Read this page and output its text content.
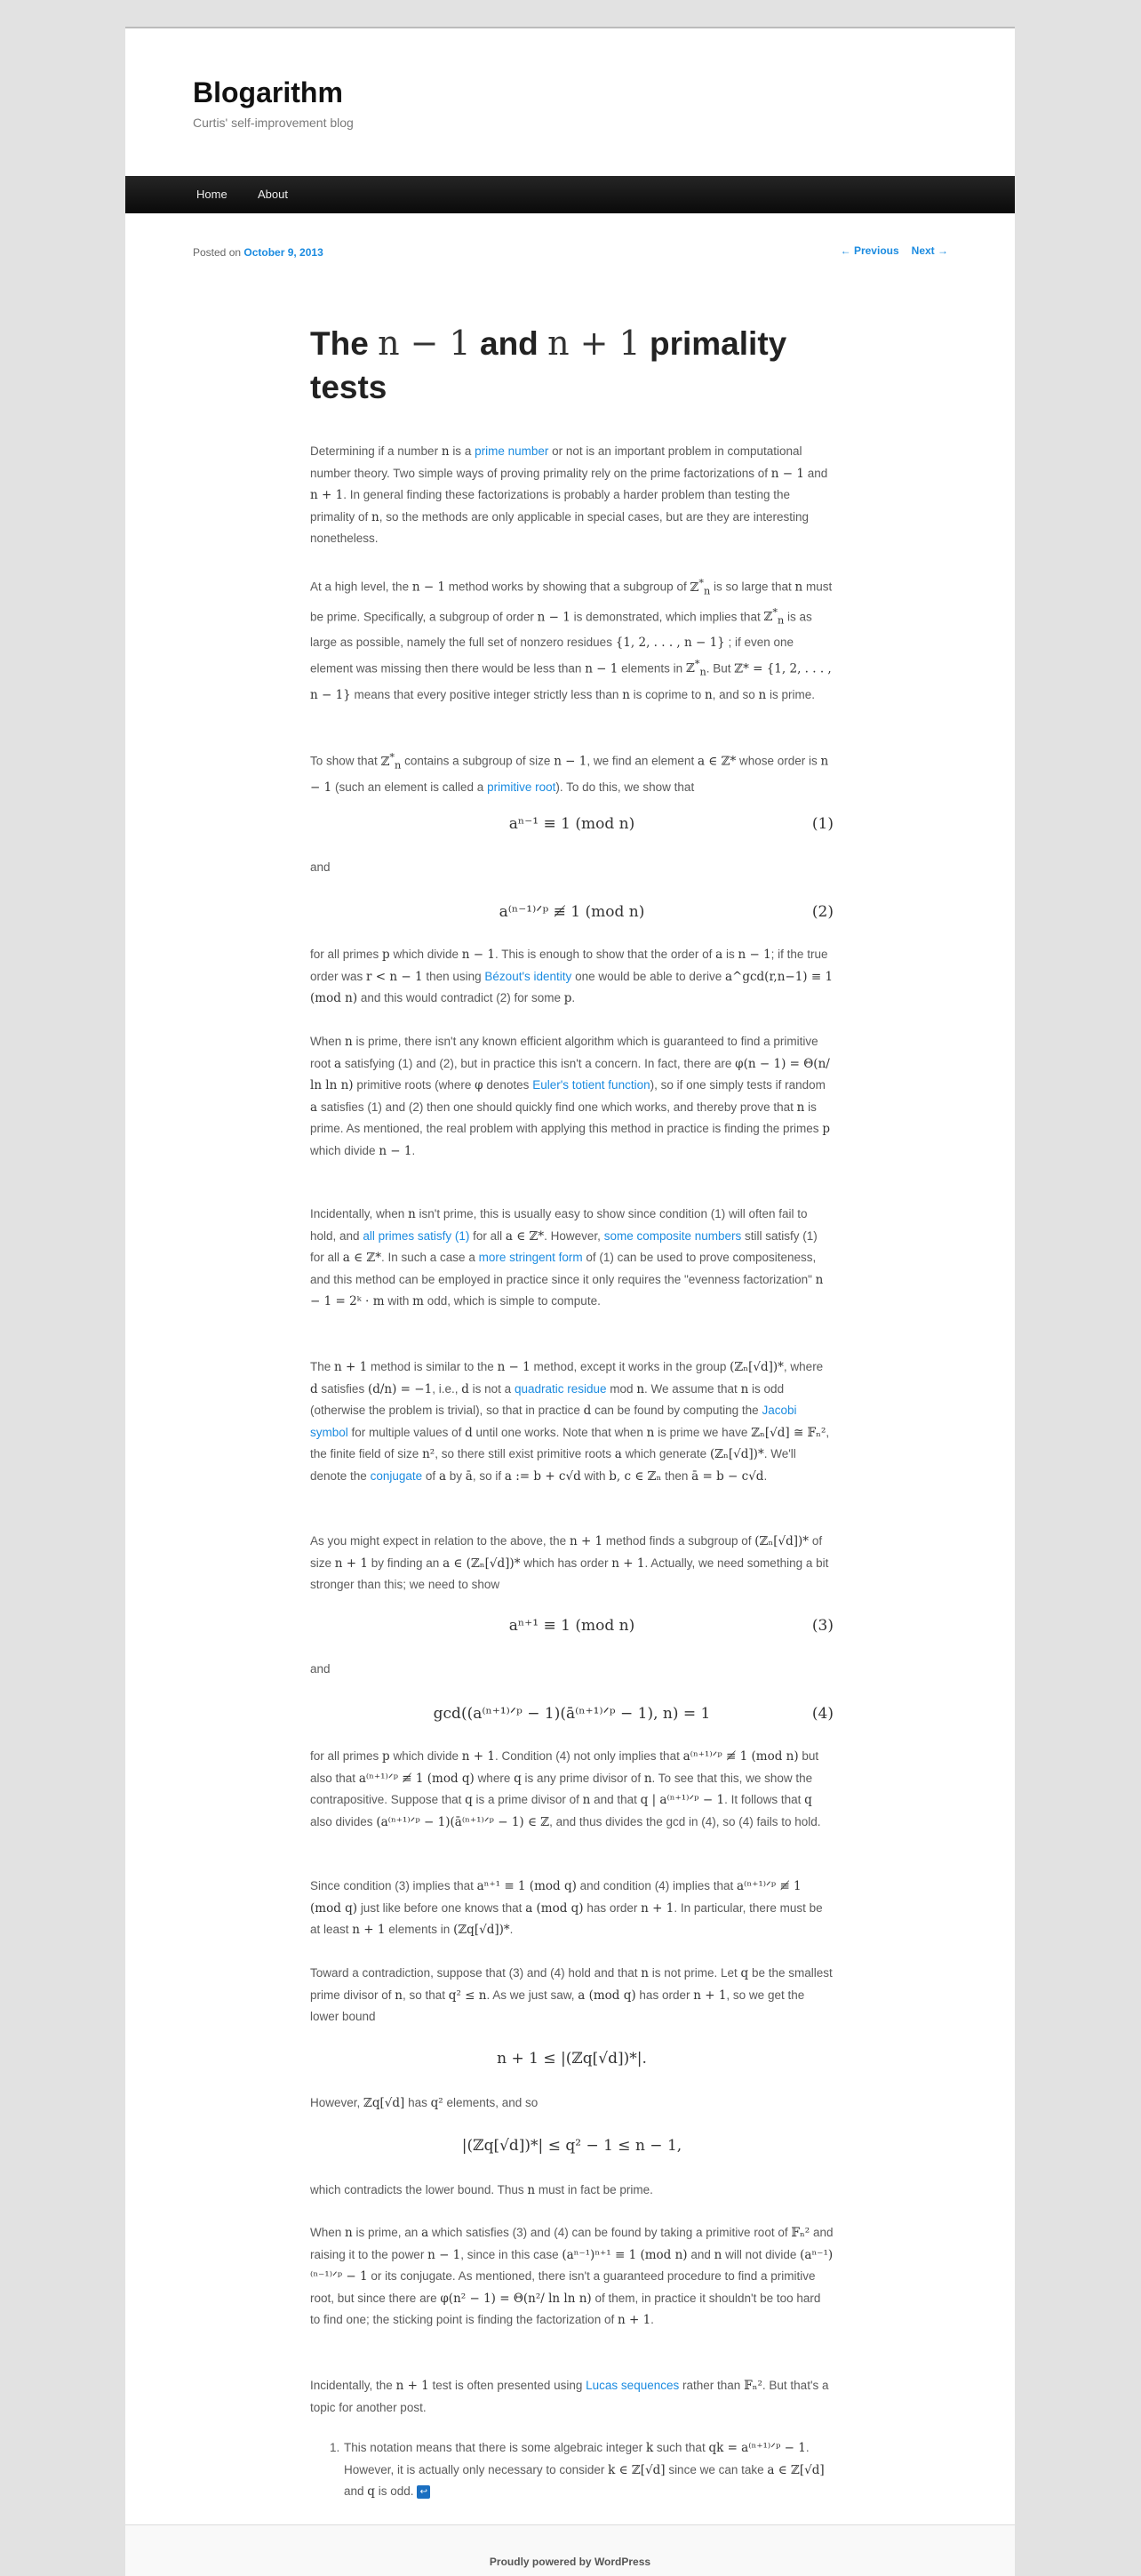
Blogarithm
Curtis' self-improvement blog
Home	About
Posted on October 9, 2013	← Previous Next →
The n − 1 and n + 1 primality tests
Determining if a number n is a prime number or not is an important problem in computational number theory. Two simple ways of proving primality rely on the prime factorizations of n − 1 and n + 1. In general finding these factorizations is probably a harder problem than testing the primality of n, so the methods are only applicable in special cases, but are they are interesting nonetheless.
At a high level, the n − 1 method works by showing that a subgroup of ℤ*$_n$ is so large that n must be prime. Specifically, a subgroup of order n − 1 is demonstrated, which implies that ℤ*$_n$ is as large as possible, namely the full set of nonzero residues {1, 2, . . . , n − 1} ; if even one element was missing then there would be less than n − 1 elements in ℤ*$_n$. But ℤ* = {1, 2, . . . , n − 1} means that every positive integer strictly less than n is coprime to n, and so n is prime.
To show that ℤ*$_n$ contains a subgroup of size n − 1, we find an element a ∈ ℤ* whose order is n − 1 (such an element is called a primitive root). To do this, we show that
aⁿ⁻¹ ≡ 1 (mod n)	(1)
and
a⁽ⁿ⁻¹⁾ᐟᵖ ≢ 1 (mod n)	(2)
for all primes p which divide n − 1. This is enough to show that the order of a is n − 1; if the true order was r < n − 1 then using Bézout's identity one would be able to derive a^gcd(r,n−1) ≡ 1 (mod n) and this would contradict (2) for some p.
When n is prime, there isn't any known efficient algorithm which is guaranteed to find a primitive root a satisfying (1) and (2), but in practice this isn't a concern. In fact, there are φ(n − 1) = Θ(n/ ln ln n) primitive roots (where φ denotes Euler's totient function), so if one simply tests if random a satisfies (1) and (2) then one should quickly find one which works, and thereby prove that n is prime. As mentioned, the real problem with applying this method in practice is finding the primes p which divide n − 1.
Incidentally, when n isn't prime, this is usually easy to show since condition (1) will often fail to hold, and all primes satisfy (1) for all a ∈ ℤ*. However, some composite numbers still satisfy (1) for all a ∈ ℤ*. In such a case a more stringent form of (1) can be used to prove compositeness, and this method can be employed in practice since it only requires the "evenness factorization" n − 1 = 2ᵏ ⋅ m with m odd, which is simple to compute.
The n + 1 method is similar to the n − 1 method, except it works in the group (ℤₙ[√d])*, where d satisfies (d/n) = −1, i.e., d is not a quadratic residue mod n. We assume that n is odd (otherwise the problem is trivial), so that in practice d can be found by computing the Jacobi symbol for multiple values of d until one works. Note that when n is prime we have ℤₙ[√d] ≅ 𝔽ₙ², the finite field of size n², so there still exist primitive roots a which generate (ℤₙ[√d])*. We'll denote the conjugate of a by ā, so if a := b + c√d with b, c ∈ ℤₙ then ā = b − c√d.
As you might expect in relation to the above, the n + 1 method finds a subgroup of (ℤₙ[√d])* of size n + 1 by finding an a ∈ (ℤₙ[√d])* which has order n + 1. Actually, we need something a bit stronger than this; we need to show
aⁿ⁺¹ ≡ 1 (mod n)	(3)
and
gcd((a⁽ⁿ⁺¹⁾ᐟᵖ − 1)(ā⁽ⁿ⁺¹⁾ᐟᵖ − 1), n) = 1	(4)
for all primes p which divide n + 1. Condition (4) not only implies that a⁽ⁿ⁺¹⁾ᐟᵖ ≢ 1 (mod n) but also that a⁽ⁿ⁺¹⁾ᐟᵖ ≢ 1 (mod q) where q is any prime divisor of n. To see that this, we show the contrapositive. Suppose that q is a prime divisor of n and that q | a⁽ⁿ⁺¹⁾ᐟᵖ − 1. It follows that q also divides (a⁽ⁿ⁺¹⁾ᐟᵖ − 1)(ā⁽ⁿ⁺¹⁾ᐟᵖ − 1) ∈ ℤ, and thus divides the gcd in (4), so (4) fails to hold.
Since condition (3) implies that aⁿ⁺¹ ≡ 1 (mod q) and condition (4) implies that a⁽ⁿ⁺¹⁾ᐟᵖ ≢ 1 (mod q) just like before one knows that a (mod q) has order n + 1. In particular, there must be at least n + 1 elements in (ℤq[√d])*.
Toward a contradiction, suppose that (3) and (4) hold and that n is not prime. Let q be the smallest prime divisor of n, so that q² ≤ n. As we just saw, a (mod q) has order n + 1, so we get the lower bound
n + 1 ≤ |(ℤq[√d])*|.
However, ℤq[√d] has q² elements, and so
|(ℤq[√d])*| ≤ q² − 1 ≤ n − 1,
which contradicts the lower bound. Thus n must in fact be prime.
When n is prime, an a which satisfies (3) and (4) can be found by taking a primitive root of 𝔽ₙ² and raising it to the power n − 1, since in this case (aⁿ⁻¹)ⁿ⁺¹ ≡ 1 (mod n) and n will not divide (aⁿ⁻¹)⁽ⁿ⁻¹⁾ᐟᵖ − 1 or its conjugate. As mentioned, there isn't a guaranteed procedure to find a primitive root, but since there are φ(n² − 1) = Θ(n²/ ln ln n) of them, in practice it shouldn't be too hard to find one; the sticking point is finding the factorization of n + 1.
Incidentally, the n + 1 test is often presented using Lucas sequences rather than 𝔽ₙ². But that's a topic for another post.
1. This notation means that there is some algebraic integer k such that qk = a⁽ⁿ⁺¹⁾ᐟᵖ − 1. However, it is actually only necessary to consider k ∈ ℤ[√d] since we can take a ∈ ℤ[√d] and q is odd. ↩
Proudly powered by WordPress
